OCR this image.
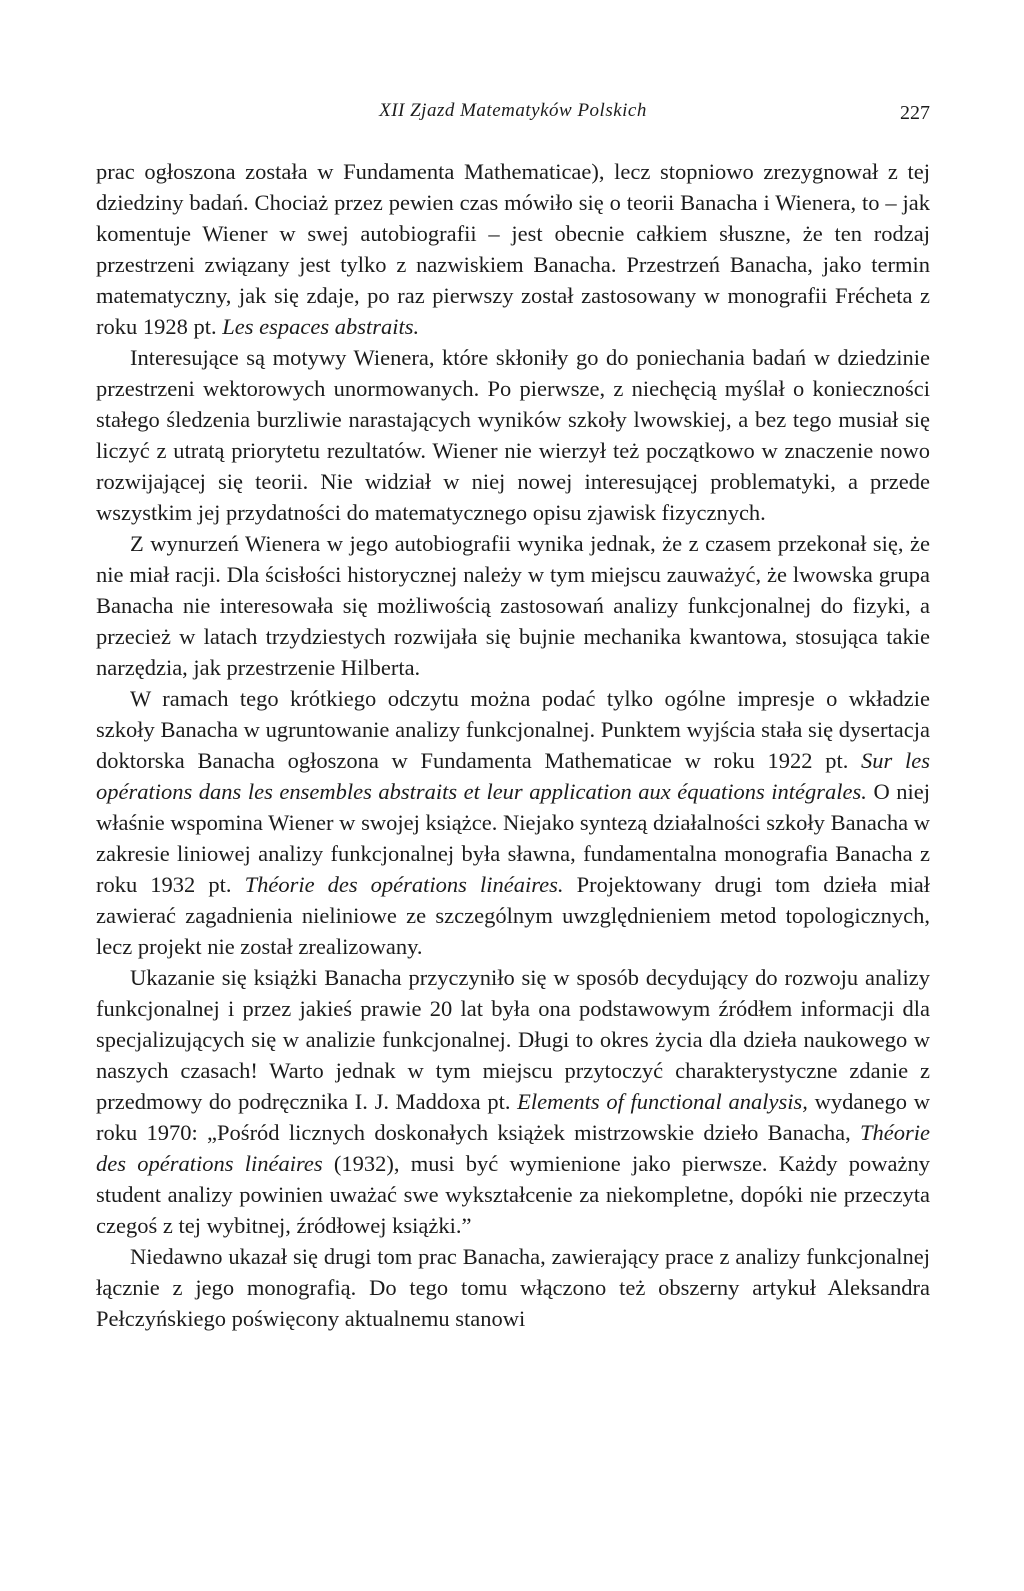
XII Zjazd Matematyków Polskich	227

prac ogłoszona została w Fundamenta Mathematicae), lecz stopniowo zrezygnował z tej dziedziny badań. Chociaż przez pewien czas mówiło się o teorii Banacha i Wienera, to – jak komentuje Wiener w swej autobiografii – jest obecnie całkiem słuszne, że ten rodzaj przestrzeni związany jest tylko z nazwiskiem Banacha. Przestrzeń Banacha, jako termin matematyczny, jak się zdaje, po raz pierwszy został zastosowany w monografii Frécheta z roku 1928 pt. Les espaces abstraits.

Interesujące są motywy Wienera, które skłoniły go do poniechania badań w dziedzinie przestrzeni wektorowych unormowanych. Po pierwsze, z niechęcią myślał o konieczności stałego śledzenia burzliwie narastających wyników szkoły lwowskiej, a bez tego musiał się liczyć z utratą priorytetu rezultatów. Wiener nie wierzył też początkowo w znaczenie nowo rozwijającej się teorii. Nie widział w niej nowej interesującej problematyki, a przede wszystkim jej przydatności do matematycznego opisu zjawisk fizycznych.

Z wynurzeń Wienera w jego autobiografii wynika jednak, że z czasem przekonał się, że nie miał racji. Dla ścisłości historycznej należy w tym miejscu zauważyć, że lwowska grupa Banacha nie interesowała się możliwością zastosowań analizy funkcjonalnej do fizyki, a przecież w latach trzydziestych rozwijała się bujnie mechanika kwantowa, stosująca takie narzędzia, jak przestrzenie Hilberta.

W ramach tego krótkiego odczytu można podać tylko ogólne impresje o wkładzie szkoły Banacha w ugruntowanie analizy funkcjonalnej. Punktem wyjścia stała się dysertacja doktorska Banacha ogłoszona w Fundamenta Mathematicae w roku 1922 pt. Sur les opérations dans les ensembles abstraits et leur application aux équations intégrales. O niej właśnie wspomina Wiener w swojej książce. Niejako syntezą działalności szkoły Banacha w zakresie liniowej analizy funkcjonalnej była sławna, fundamentalna monografia Banacha z roku 1932 pt. Théorie des opérations linéaires. Projektowany drugi tom dzieła miał zawierać zagadnienia nieliniowe ze szczególnym uwzględnieniem metod topologicznych, lecz projekt nie został zrealizowany.

Ukazanie się książki Banacha przyczyniło się w sposób decydujący do rozwoju analizy funkcjonalnej i przez jakieś prawie 20 lat była ona podstawowym źródłem informacji dla specjalizujących się w analizie funkcjonalnej. Długi to okres życia dla dzieła naukowego w naszych czasach! Warto jednak w tym miejscu przytoczyć charakterystyczne zdanie z przedmowy do podręcznika I. J. Maddoxa pt. Elements of functional analysis, wydanego w roku 1970: „Pośród licznych doskonałych książek mistrzowskie dzieło Banacha, Théorie des opérations linéaires (1932), musi być wymienione jako pierwsze. Każdy poważny student analizy powinien uważać swe wykształcenie za niekompletne, dopóki nie przeczyta czegoś z tej wybitnej, źródłowej książki.”

Niedawno ukazał się drugi tom prac Banacha, zawierający prace z analizy funkcjonalnej łącznie z jego monografią. Do tego tomu włączono też obszerny artykuł Aleksandra Pełczyńskiego poświęcony aktualnemu stanowi
